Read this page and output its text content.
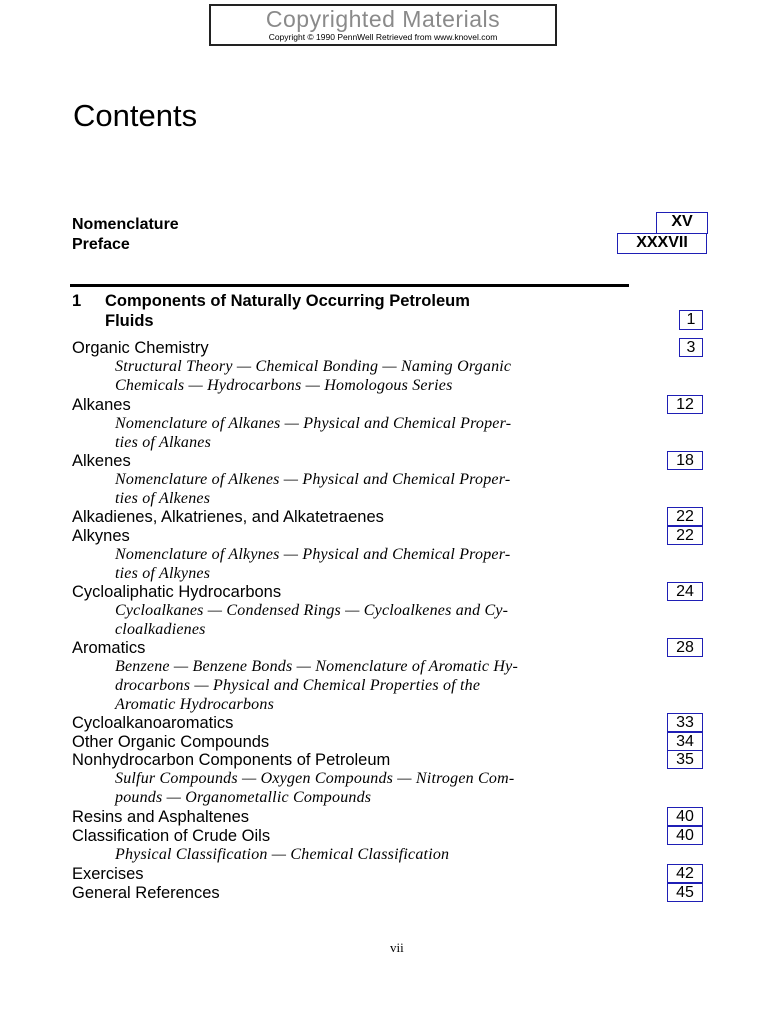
Copyrighted Materials
Copyright © 1990 PennWell Retrieved from www.knovel.com
Contents
Nomenclature	XV
Preface	XXXVII
1 Components of Naturally Occurring Petroleum
Fluids	1
Organic Chemistry	3
Structural Theory — Chemical Bonding — Naming Organic
Chemicals — Hydrocarbons — Homologous Series
Alkanes	12
Nomenclature of Alkanes — Physical and Chemical Proper-
ties of Alkanes
Alkenes	18
Nomenclature of Alkenes — Physical and Chemical Proper-
ties of Alkenes
Alkadienes, Alkatrienes, and Alkatetraenes	22
Alkynes	22
Nomenclature of Alkynes — Physical and Chemical Proper-
ties of Alkynes
Cycloaliphatic Hydrocarbons	24
Cycloalkanes — Condensed Rings — Cycloalkenes and Cy-
cloalkadienes
Aromatics	28
Benzene — Benzene Bonds — Nomenclature of Aromatic Hy-
drocarbons — Physical and Chemical Properties of the
Aromatic Hydrocarbons
Cycloalkanoaromatics	33
Other Organic Compounds	34
Nonhydrocarbon Components of Petroleum	35
Sulfur Compounds — Oxygen Compounds — Nitrogen Com-
pounds — Organometallic Compounds
Resins and Asphaltenes	40
Classification of Crude Oils	40
Physical Classification — Chemical Classification
Exercises	42
General References	45
vii
